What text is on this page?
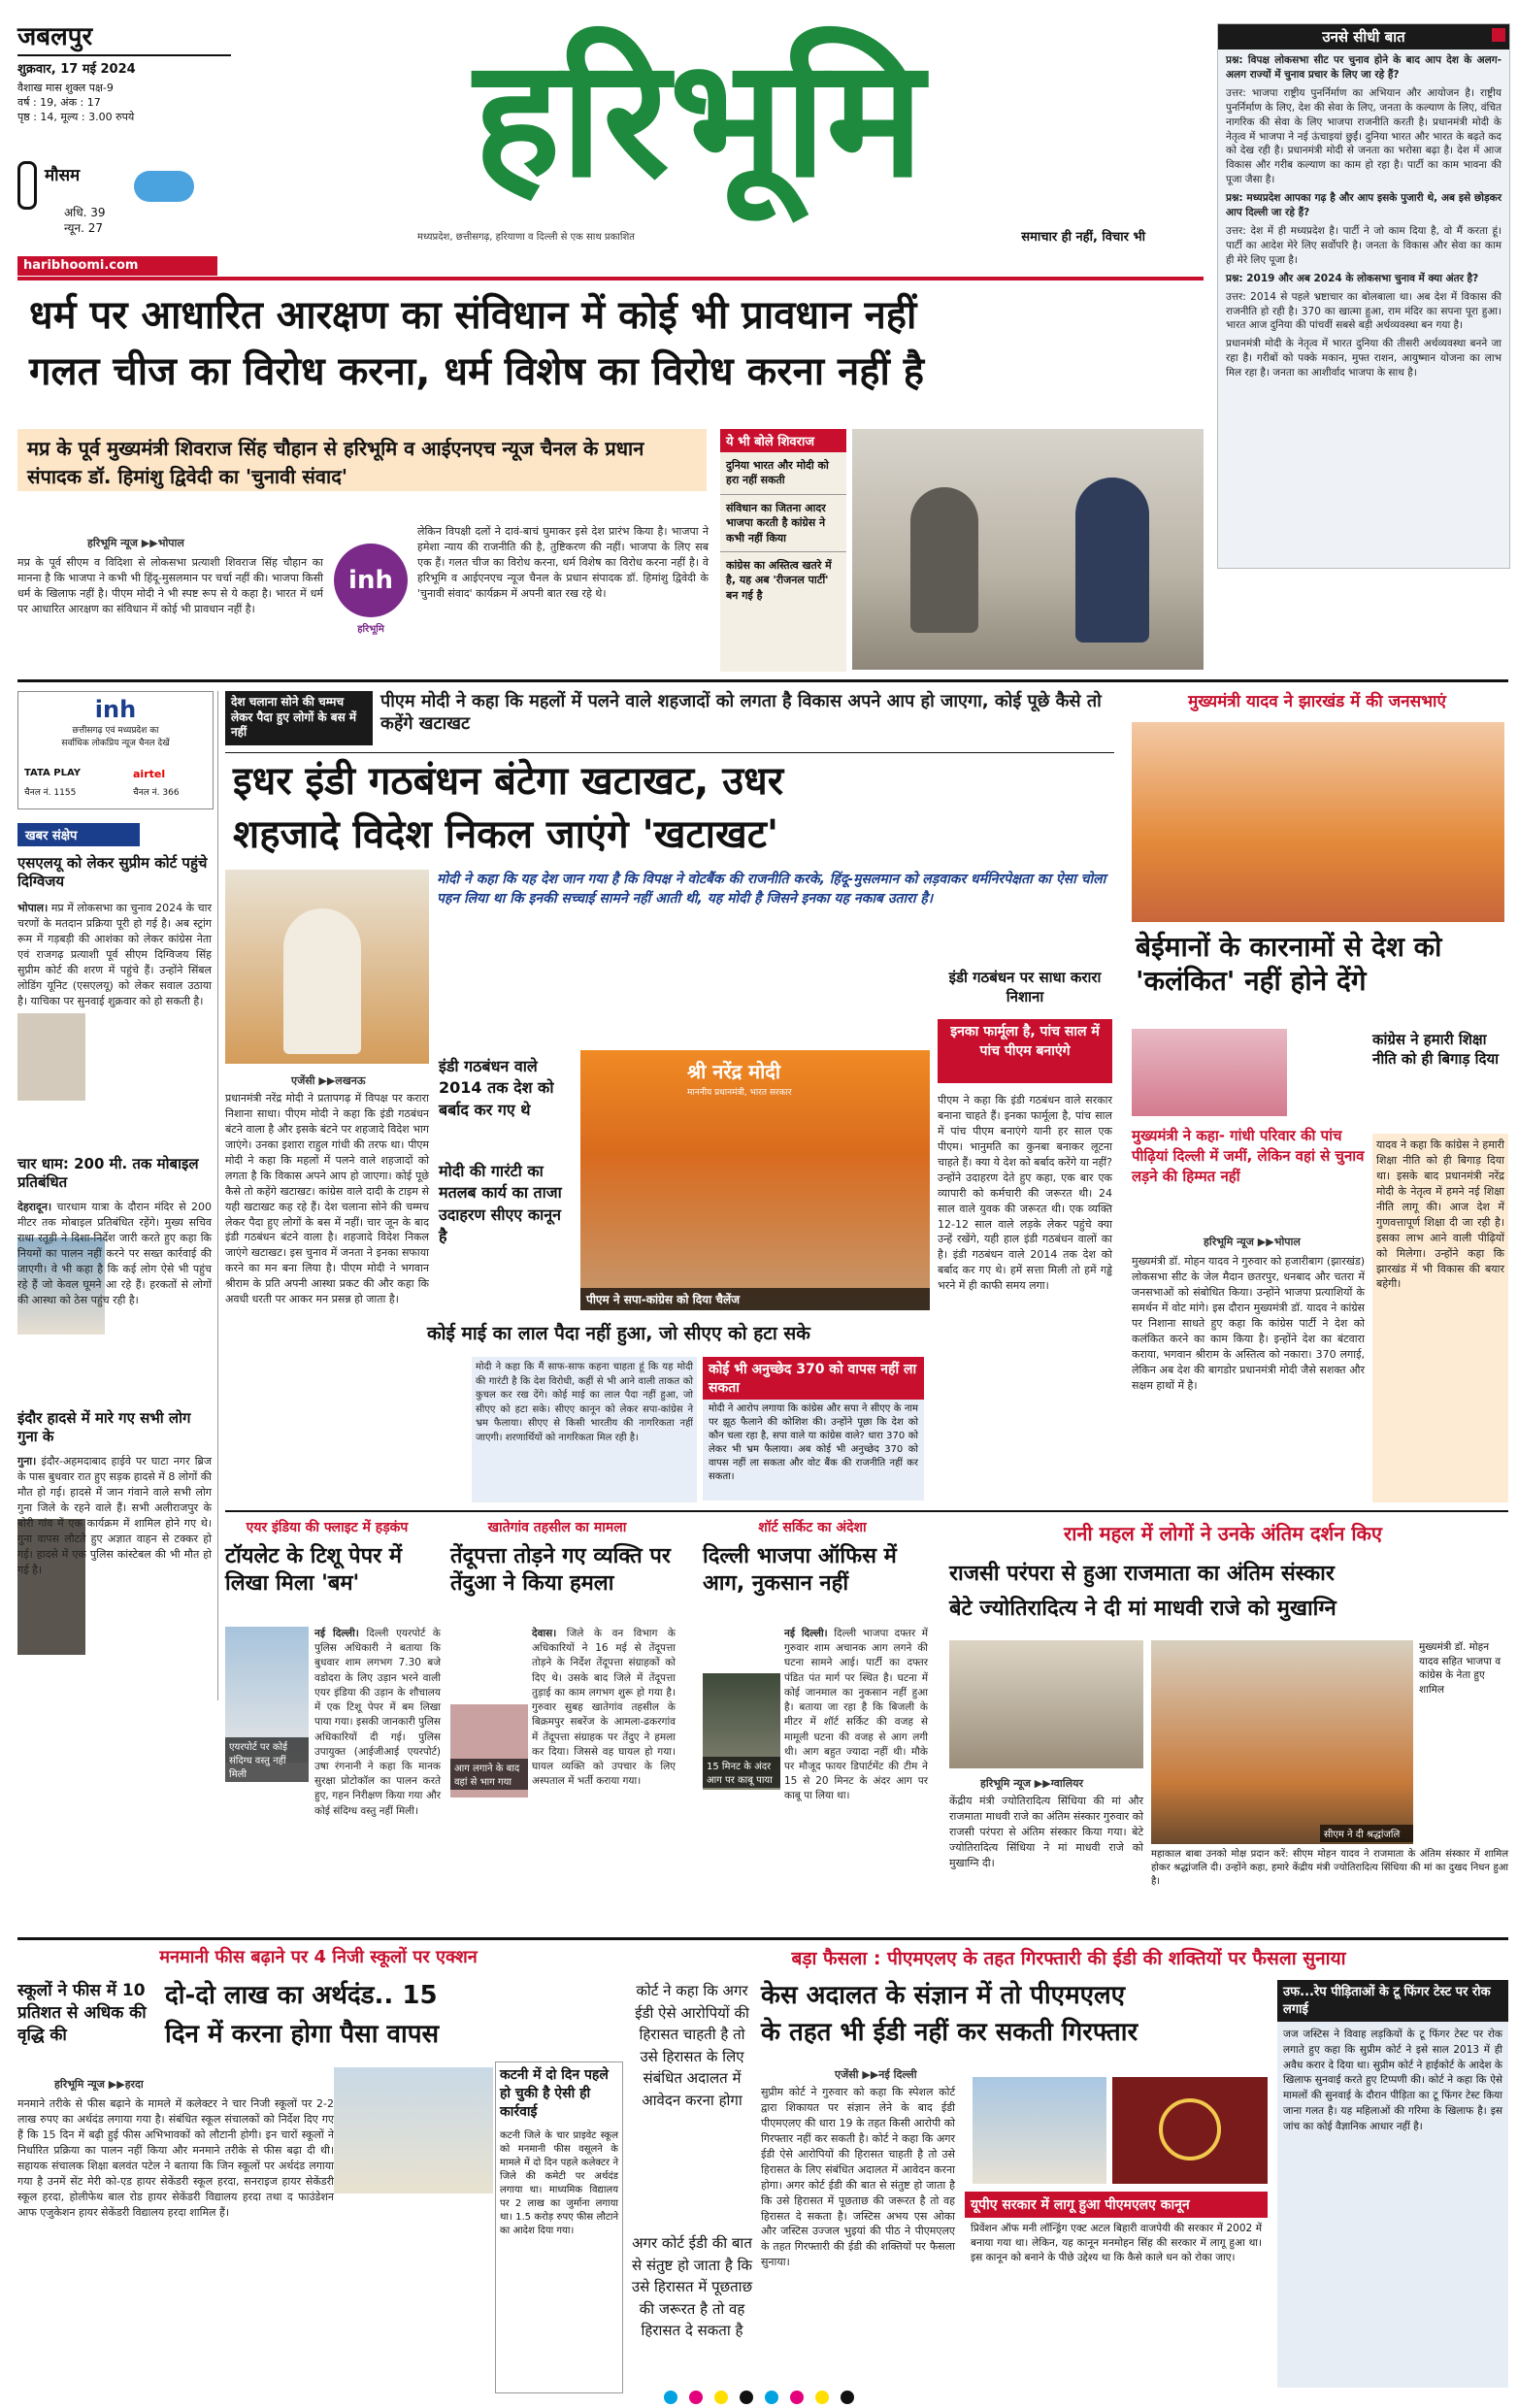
जबलपुर
शुक्रवार, 17 मई 2024
वैशाख मास शुक्ल पक्ष-9
वर्ष : 19, अंक : 17
पृष्ठ : 14, मूल्य : 3.00 रुपये
मौसम
अधि. 39
न्यून. 27
haribhoomi.com
हरिभूमि
मध्यप्रदेश, छत्तीसगढ़, हरियाणा व दिल्ली से एक साथ प्रकाशित	समाचार ही नहीं, विचार भी
उनसे सीधी बात

प्रश्न: विपक्ष लोकसभा सीट पर चुनाव होने के बाद आप देश के अलग-अलग राज्यों में चुनाव प्रचार के लिए जा रहे हैं?

उत्तर: भाजपा राष्ट्रीय पुनर्निर्माण का अभियान और आयोजन है। राष्ट्रीय पुनर्निर्माण के लिए, देश की सेवा के लिए, जनता के कल्याण के लिए, वंचित नागरिक की सेवा के लिए भाजपा राजनीति करती है। प्रधानमंत्री मोदी के नेतृत्व में भाजपा ने नई ऊंचाइयां छुईं। दुनिया भारत और भारत के बढ़ते कद को देख रही है। प्रधानमंत्री मोदी से जनता का भरोसा बढ़ा है। देश में आज विकास और गरीब कल्याण का काम हो रहा है। पार्टी का काम भावना की पूजा जैसा है।

प्रश्न: मध्यप्रदेश आपका गढ़ है और आप इसके पुजारी थे, अब इसे छोड़कर आप दिल्ली जा रहे हैं?

उत्तर: देश में ही मध्यप्रदेश है। पार्टी ने जो काम दिया है, वो मैं करता हूं। पार्टी का आदेश मेरे लिए सर्वोपरि है। जनता के विकास और सेवा का काम ही मेरे लिए पूजा है।

प्रश्न: 2019 और अब 2024 के लोकसभा चुनाव में क्या अंतर है?

उत्तर: 2014 से पहले भ्रष्टाचार का बोलबाला था। अब देश में विकास की राजनीति हो रही है। 370 का खात्मा हुआ, राम मंदिर का सपना पूरा हुआ। भारत आज दुनिया की पांचवीं सबसे बड़ी अर्थव्यवस्था बन गया है।

प्रधानमंत्री मोदी के नेतृत्व में भारत दुनिया की तीसरी अर्थव्यवस्था बनने जा रहा है। गरीबों को पक्के मकान, मुफ्त राशन, आयुष्मान योजना का लाभ मिल रहा है। जनता का आशीर्वाद भाजपा के साथ है।

धर्म पर आधारित आरक्षण का संविधान में कोई भी प्रावधान नहीं
गलत चीज का विरोध करना, धर्म विशेष का विरोध करना नहीं है
मप्र के पूर्व मुख्यमंत्री शिवराज सिंह चौहान से हरिभूमि व आईएनएच न्यूज चैनल के प्रधान संपादक डॉ. हिमांशु द्विवेदी का 'चुनावी संवाद'
हरिभूमि न्यूज ▶▶भोपाल
मप्र के पूर्व सीएम व विदिशा से लोकसभा प्रत्याशी शिवराज सिंह चौहान का मानना है कि भाजपा ने कभी भी हिंदू-मुसलमान पर चर्चा नहीं की। भाजपा किसी धर्म के खिलाफ नहीं है। पीएम मोदी ने भी स्पष्ट रूप से ये कहा है। भारत में धर्म पर आधारित आरक्षण का संविधान में कोई भी प्रावधान नहीं है।
inh
हरिभूमि
लेकिन विपक्षी दलों ने दावं-बाचं घुमाकर इसे देश प्रारंभ किया है। भाजपा ने हमेशा न्याय की राजनीति की है, तुष्टिकरण की नहीं। भाजपा के लिए सब एक हैं। गलत चीज का विरोध करना, धर्म विशेष का विरोध करना नहीं है। वे हरिभूमि व आईएनएच न्यूज चैनल के प्रधान संपादक डॉ. हिमांशु द्विवेदी के 'चुनावी संवाद' कार्यक्रम में अपनी बात रख रहे थे।
ये भी बोले शिवराज
दुनिया भारत और मोदी को हरा नहीं सकती
संविधान का जितना आदर भाजपा करती है कांग्रेस ने कभी नहीं किया
कांग्रेस का अस्तित्व खतरे में है, यह अब 'रीजनल पार्टी' बन गई है
inh
छत्तीसगढ़ एवं मध्यप्रदेश का
सर्वाधिक लोकप्रिय न्यूज चैनल देखें
TATA PLAY	airtel
चैनल नं. 1155	चैनल नं. 366
खबर संक्षेप
एसएलयू को लेकर सुप्रीम कोर्ट पहुंचे दिग्विजय
भोपाल। मप्र में लोकसभा का चुनाव 2024 के चार चरणों के मतदान प्रक्रिया पूरी हो गई है। अब स्ट्रांग रूम में गड़बड़ी की आशंका को लेकर कांग्रेस नेता एवं राजगढ़ प्रत्याशी पूर्व सीएम दिग्विजय सिंह सुप्रीम कोर्ट की शरण में पहुंचे हैं। उन्होंने सिंबल लोडिंग यूनिट (एसएलयू) को लेकर सवाल उठाया है। याचिका पर सुनवाई शुक्रवार को हो सकती है।
चार धाम: 200 मी. तक मोबाइल प्रतिबंधित
देहरादून। चारधाम यात्रा के दौरान मंदिर से 200 मीटर तक मोबाइल प्रतिबंधित रहेंगे। मुख्य सचिव राधा रतूड़ी ने दिशा-निर्देश जारी करते हुए कहा कि नियमों का पालन नहीं करने पर सख्त कार्रवाई की जाएगी। वे भी कहा है कि कई लोग ऐसे भी पहुंच रहे हैं जो केवल घूमने आ रहे हैं। हरकतों से लोगों की आस्था को ठेस पहुंच रही है।
इंदौर हादसे में मारे गए सभी लोग गुना के
गुना। इंदौर-अहमदाबाद हाईवे पर घाटा नगर ब्रिज के पास बुधवार रात हुए सड़क हादसे में 8 लोगों की मौत हो गई। हादसे में जान गंवाने वाले सभी लोग गुना जिले के रहने वाले हैं। सभी अलीराजपुर के बोरी गांव में एक कार्यक्रम में शामिल होने गए थे। गुना वापस लौटते हुए अज्ञात वाहन से टक्कर हो गई। हादसे में एक पुलिस कांस्टेबल की भी मौत हो गई है।
देश चलाना सोने की चम्मच लेकर पैदा हुए लोगों के बस में नहीं
पीएम मोदी ने कहा कि महलों में पलने वाले शहजादों को लगता है विकास अपने आप हो जाएगा, कोई पूछे कैसे तो कहेंगे खटाखट
इधर इंडी गठबंधन बंटेगा खटाखट, उधर
शहजादे विदेश निकल जाएंगे 'खटाखट'
मोदी ने कहा कि यह देश जान गया है कि विपक्ष ने वोटबैंक की राजनीति करके, हिंदू-मुसलमान को लड़वाकर धर्मनिरपेक्षता का ऐसा चोला पहन लिया था कि इनकी सच्चाई सामने नहीं आती थी, यह मोदी है जिसने इनका यह नकाब उतारा है।
एजेंसी ▶▶लखनऊ
प्रधानमंत्री नरेंद्र मोदी ने प्रतापगढ़ में विपक्ष पर करारा निशाना साधा। पीएम मोदी ने कहा कि इंडी गठबंधन बंटने वाला है और इसके बंटने पर शहजादे विदेश भाग जाएंगे। उनका इशारा राहुल गांधी की तरफ था। पीएम मोदी ने कहा कि महलों में पलने वाले शहजादों को लगता है कि विकास अपने आप हो जाएगा। कोई पूछे कैसे तो कहेंगे खटाखट। कांग्रेस वाले दादी के टाइम से यही खटाखट कह रहे हैं। देश चलाना सोने की चम्मच लेकर पैदा हुए लोगों के बस में नहीं। चार जून के बाद इंडी गठबंधन बंटने वाला है। शहजादे विदेश निकल जाएंगे खटाखट। इस चुनाव में जनता ने इनका सफाया करने का मन बना लिया है। पीएम मोदी ने भगवान श्रीराम के प्रति अपनी आस्था प्रकट की और कहा कि अवधी धरती पर आकर मन प्रसन्न हो जाता है।
इंडी गठबंधन वाले 2014 तक देश को बर्बाद कर गए थे
मोदी की गारंटी का मतलब कार्य का ताजा उदाहरण सीएए कानून है
श्री नरेंद्र मोदी
माननीय प्रधानमंत्री, भारत सरकार
पीएम ने सपा-कांग्रेस को दिया चैलेंज
इंडी गठबंधन पर साधा करारा निशाना
इनका फार्मूला है, पांच साल में पांच पीएम बनाएंगे
पीएम ने कहा कि इंडी गठबंधन वाले सरकार बनाना चाहते हैं। इनका फार्मूला है, पांच साल में पांच पीएम बनाएंगे यानी हर साल एक पीएम। भानुमति का कुनबा बनाकर लूटना चाहते हैं। क्या ये देश को बर्बाद करेंगे या नहीं? उन्होंने उदाहरण देते हुए कहा, एक बार एक व्यापारी को कर्मचारी की जरूरत थी। 24 साल वाले युवक की जरूरत थी। एक व्यक्ति 12-12 साल वाले लड़के लेकर पहुंचे क्या उन्हें रखेंगे, यही हाल इंडी गठबंधन वालों का है। इंडी गठबंधन वाले 2014 तक देश को बर्बाद कर गए थे। हमें सत्ता मिली तो हमें गड्ढे भरने में ही काफी समय लगा।
कोई माई का लाल पैदा नहीं हुआ, जो सीएए को हटा सके
मोदी ने कहा कि मैं साफ-साफ कहना चाहता हूं कि यह मोदी की गारंटी है कि देश विरोधी, कहीं से भी आने वाली ताकत को कुचल कर रख देंगे। कोई माई का लाल पैदा नहीं हुआ, जो सीएए को हटा सके। सीएए कानून को लेकर सपा-कांग्रेस ने भ्रम फैलाया। सीएए से किसी भारतीय की नागरिकता नहीं जाएगी। शरणार्थियों को नागरिकता मिल रही है।
कोई भी अनुच्छेद 370 को वापस नहीं ला सकता
मोदी ने आरोप लगाया कि कांग्रेस और सपा ने सीएए के नाम पर झूठ फैलाने की कोशिश की। उन्होंने पूछा कि देश को कौन चला रहा है, सपा वाले या कांग्रेस वाले? धारा 370 को लेकर भी भ्रम फैलाया। अब कोई भी अनुच्छेद 370 को वापस नहीं ला सकता और वोट बैंक की राजनीति नहीं कर सकता।
मुख्यमंत्री यादव ने झारखंड में की जनसभाएं
बेईमानों के कारनामों से देश को 'कलंकित' नहीं होने देंगे
मुख्यमंत्री ने कहा- गांधी परिवार की पांच पीढ़ियां दिल्ली में जमीं, लेकिन वहां से चुनाव लड़ने की हिम्मत नहीं
हरिभूमि न्यूज ▶▶भोपाल
मुख्यमंत्री डॉ. मोहन यादव ने गुरुवार को हजारीबाग (झारखंड) लोकसभा सीट के जेल मैदान छतरपुर, धनबाद और चतरा में जनसभाओं को संबोधित किया। उन्होंने भाजपा प्रत्याशियों के समर्थन में वोट मांगे। इस दौरान मुख्यमंत्री डॉ. यादव ने कांग्रेस पर निशाना साधते हुए कहा कि कांग्रेस पार्टी ने देश को कलंकित करने का काम किया है। इन्होंने देश का बंटवारा कराया, भगवान श्रीराम के अस्तित्व को नकारा। 370 लगाई, लेकिन अब देश की बागडोर प्रधानमंत्री मोदी जैसे सशक्त और सक्षम हाथों में है।
कांग्रेस ने हमारी शिक्षा नीति को ही बिगाड़ दिया
यादव ने कहा कि कांग्रेस ने हमारी शिक्षा नीति को ही बिगाड़ दिया था। इसके बाद प्रधानमंत्री नरेंद्र मोदी के नेतृत्व में हमने नई शिक्षा नीति लागू की। आज देश में गुणवत्तापूर्ण शिक्षा दी जा रही है। इसका लाभ आने वाली पीढ़ियों को मिलेगा। उन्होंने कहा कि झारखंड में भी विकास की बयार बहेगी।
एयर इंडिया की फ्लाइट में हड़कंप
टॉयलेट के टिशू पेपर में लिखा मिला 'बम'
एयरपोर्ट पर कोई संदिग्ध वस्तु नहीं मिली
नई दिल्ली। दिल्ली एयरपोर्ट के पुलिस अधिकारी ने बताया कि बुधवार शाम लगभग 7.30 बजे वडोदरा के लिए उड़ान भरने वाली एयर इंडिया की उड़ान के शौचालय में एक टिशू पेपर में बम लिखा पाया गया। इसकी जानकारी पुलिस अधिकारियों दी गई। पुलिस उपायुक्त (आईजीआई एयरपोर्ट) उषा रंगनानी ने कहा कि मानक सुरक्षा प्रोटोकॉल का पालन करते हुए, गहन निरीक्षण किया गया और कोई संदिग्ध वस्तु नहीं मिली।
खातेगांव तहसील का मामला
तेंदूपत्ता तोड़ने गए व्यक्ति पर तेंदुआ ने किया हमला
आग लगाने के बाद वहां से भाग गया
देवास। जिले के वन विभाग के अधिकारियों ने 16 मई से तेंदूपत्ता तोड़ने के निर्देश तेंदूपत्ता संग्राहकों को दिए थे। उसके बाद जिले में तेंदूपत्ता तुड़ाई का काम लगभग शुरू हो गया है। गुरुवार सुबह खातेगांव तहसील के बिक्रमपुर सबरेंज के आमला-ढकरगांव में तेंदूपत्ता संग्राहक पर तेंदुए ने हमला कर दिया। जिससे वह घायल हो गया। घायल व्यक्ति को उपचार के लिए अस्पताल में भर्ती कराया गया।
शॉर्ट सर्किट का अंदेशा
दिल्ली भाजपा ऑफिस में आग, नुकसान नहीं
15 मिनट के अंदर आग पर काबू पाया
नई दिल्ली। दिल्ली भाजपा दफ्तर में गुरुवार शाम अचानक आग लगने की घटना सामने आई। पार्टी का दफ्तर पंडित पंत मार्ग पर स्थित है। घटना में कोई जानमाल का नुकसान नहीं हुआ है। बताया जा रहा है कि बिजली के मीटर में शॉर्ट सर्किट की वजह से मामूली घटना की वजह से आग लगी थी। आग बहुत ज्यादा नहीं थी। मौके पर मौजूद फायर डिपार्टमेंट की टीम ने 15 से 20 मिनट के अंदर आग पर काबू पा लिया था।
रानी महल में लोगों ने उनके अंतिम दर्शन किए
राजसी परंपरा से हुआ राजमाता का अंतिम संस्कार
बेटे ज्योतिरादित्य ने दी मां माधवी राजे को मुखाग्नि
सीएम ने दी श्रद्धांजलि
मुख्यमंत्री डॉ. मोहन यादव सहित भाजपा व कांग्रेस के नेता हुए शामिल
हरिभूमि न्यूज ▶▶ग्वालियर
केंद्रीय मंत्री ज्योतिरादित्य सिंधिया की मां और राजमाता माधवी राजे का अंतिम संस्कार गुरुवार को राजसी परंपरा से अंतिम संस्कार किया गया। बेटे ज्योतिरादित्य सिंधिया ने मां माधवी राजे को मुखाग्नि दी।
महाकाल बाबा उनको मोक्ष प्रदान करें: सीएम मोहन यादव ने राजमाता के अंतिम संस्कार में शामिल होकर श्रद्धांजलि दी। उन्होंने कहा, हमारे केंद्रीय मंत्री ज्योतिरादित्य सिंधिया की मां का दुखद निधन हुआ है।
मनमानी फीस बढ़ाने पर 4 निजी स्कूलों पर एक्शन
स्कूलों ने फीस में 10 प्रतिशत से अधिक की वृद्धि की
दो-दो लाख का अर्थदंड.. 15
दिन में करना होगा पैसा वापस
हरिभूमि न्यूज ▶▶हरदा
मनमाने तरीके से फीस बढ़ाने के मामले में कलेक्टर ने चार निजी स्कूलों पर 2-2 लाख रुपए का अर्थदंड लगाया गया है। संबंधित स्कूल संचालकों को निर्देश दिए गए हैं कि 15 दिन में बढ़ी हुई फीस अभिभावकों को लौटानी होगी। इन चारों स्कूलों ने निर्धारित प्रक्रिया का पालन नहीं किया और मनमाने तरीके से फीस बढ़ा दी थी। सहायक संचालक शिक्षा बलवंत पटेल ने बताया कि जिन स्कूलों पर अर्थदंड लगाया गया है उनमें सेंट मेरी को-एड हायर सेकेंडरी स्कूल हरदा, सनराइज हायर सेकेंडरी स्कूल हरदा, होलीफेथ बाल रोड हायर सेकेंडरी विद्यालय हरदा तथा द फाउंडेशन आफ एजुकेशन हायर सेकेंडरी विद्यालय हरदा शामिल हैं।
कटनी में दो दिन पहले हो चुकी है ऐसी ही कार्रवाई
कटनी जिले के चार प्राइवेट स्कूल को मनमानी फीस वसूलने के मामले में दो दिन पहले कलेक्टर ने जिले की कमेटी पर अर्थदंड लगाया था। माध्यमिक विद्यालय पर 2 लाख का जुर्माना लगाया था। 1.5 करोड़ रुपए फीस लौटाने का आदेश दिया गया।
बड़ा फैसला : पीएमएलए के तहत गिरफ्तारी की ईडी की शक्तियों पर फैसला सुनाया
कोर्ट ने कहा कि अगर ईडी ऐसे आरोपियों की हिरासत चाहती है तो उसे हिरासत के लिए संबंधित अदालत में आवेदन करना होगा
अगर कोर्ट ईडी की बात से संतुष्ट हो जाता है कि उसे हिरासत में पूछताछ की जरूरत है तो वह हिरासत दे सकता है
केस अदालत के संज्ञान में तो पीएमएलए
के तहत भी ईडी नहीं कर सकती गिरफ्तार
एजेंसी ▶▶नई दिल्ली
सुप्रीम कोर्ट ने गुरुवार को कहा कि स्पेशल कोर्ट द्वारा शिकायत पर संज्ञान लेने के बाद ईडी पीएमएलए की धारा 19 के तहत किसी आरोपी को गिरफ्तार नहीं कर सकती है। कोर्ट ने कहा कि अगर ईडी ऐसे आरोपियों की हिरासत चाहती है तो उसे हिरासत के लिए संबंधित अदालत में आवेदन करना होगा। अगर कोर्ट ईडी की बात से संतुष्ट हो जाता है कि उसे हिरासत में पूछताछ की जरूरत है तो वह हिरासत दे सकता है। जस्टिस अभय एस ओका और जस्टिस उज्जल भुइयां की पीठ ने पीएमएलए के तहत गिरफ्तारी की ईडी की शक्तियों पर फैसला सुनाया।
यूपीए सरकार में लागू हुआ पीएमएलए कानून
प्रिवेंशन ऑफ मनी लॉन्ड्रिंग एक्ट अटल बिहारी वाजपेयी की सरकार में 2002 में बनाया गया था। लेकिन, यह कानून मनमोहन सिंह की सरकार में लागू हुआ था। इस कानून को बनाने के पीछे उद्देश्य था कि कैसे काले धन को रोका जाए।
उफ...रेप पीड़िताओं के टू फिंगर टेस्ट पर रोक लगाई
जज जस्टिस ने विवाह लड़कियों के टू फिंगर टेस्ट पर रोक लगाते हुए कहा कि सुप्रीम कोर्ट ने इसे साल 2013 में ही अवैध करार दे दिया था। सुप्रीम कोर्ट ने हाईकोर्ट के आदेश के खिलाफ सुनवाई करते हुए टिप्पणी की। कोर्ट ने कहा कि ऐसे मामलों की सुनवाई के दौरान पीड़िता का टू फिंगर टेस्ट किया जाना गलत है। यह महिलाओं की गरिमा के खिलाफ है। इस जांच का कोई वैज्ञानिक आधार नहीं है।
